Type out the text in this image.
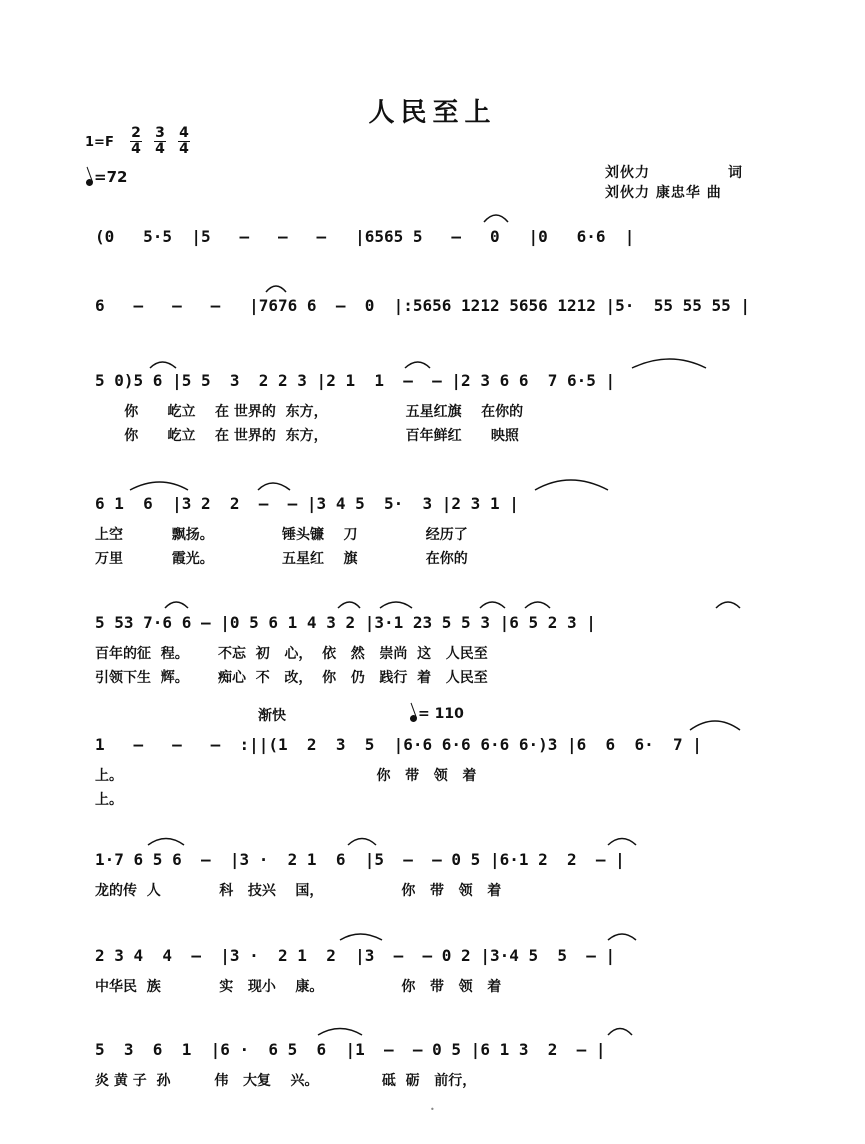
人民至上
1=F
2
4
3
4
4
4
=72	刘伙力	词
刘伙力 康忠华 曲
(0   5·5  |5   —   —   —   |6565 5   —   0   |0   6·6  |
6   —   —   —   |7676 6  —  0  |:5656 1212 5656 1212 |5·  55 55 55 |
5 0)5 6 |5 5  3  2 2 3 |2 1  1  —  — |2 3 6 6  7 6·5 |
你      屹立    在 世界的  东方，                五星红旗    在你的
你      屹立    在 世界的  东方，                百年鲜红      映照
6 1  6  |3 2  2  —  — |3 4 5  5·  3 |2 3 1 |
上空          飘扬。              锤头镰    刀              经历了
万里          霞光。              五星红    旗              在你的
5 53 7·6 6 — |0 5 6 1 4 3 2 |3·1 23 5 5 3 |6 5 2 3 |
百年的征  程。      不忘  初   心，  依   然   崇尚  这   人民至
引领下生  辉。      痴心  不   改，  你   仍   践行  着   人民至
渐快	= 110
1   —   —   —  :||(1  2  3  5  |6·6 6·6 6·6 6·)3 |6  6  6·  7 |
上。                                                    你   带   领   着
上。
1·7 6 5 6  —  |3 ·  2 1  6  |5  —  — 0 5 |6·1 2  2  — |
龙的传  人            科   技兴    国，                你   带   领   着
2 3 4  4  —  |3 ·  2 1  2  |3  —  — 0 2 |3·4 5  5  — |
中华民  族            实   现小    康。                你   带   领   着
5  3  6  1  |6 ·  6 5  6  |1  —  — 0 5 |6 1 3  2  — |
炎 黄 子  孙         伟   大复    兴。             砥  砺   前行，
•
